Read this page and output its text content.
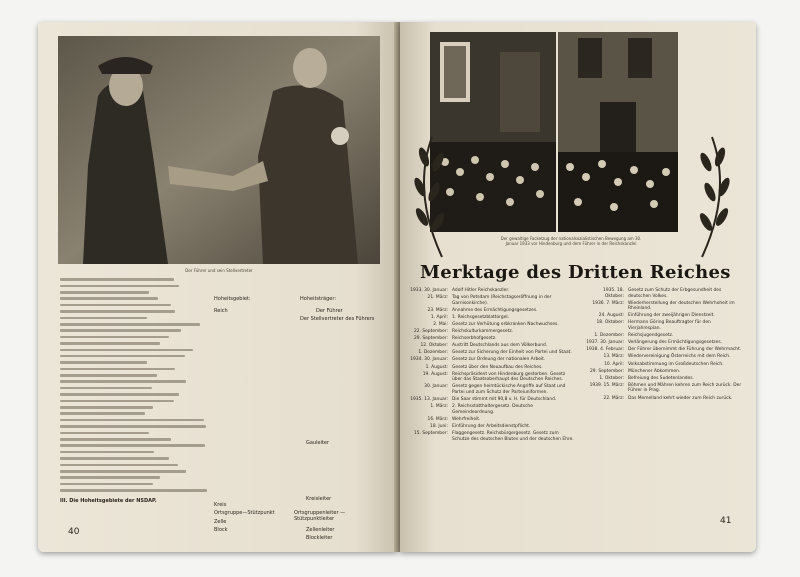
Der Führer und sein Stellvertreter
III. Die Hoheitsgebiete der NSDAP.
Hoheitsgebiet:	Hoheitsträger:
Reich
Gauleiter
Kreisleiter
Kreis
Ortsgruppe—Stützpunkt
Zelle
Block
Der Führer
Der Stellvertreter des Führers
Ortsgruppenleiter — Stützpunktleiter
Zellenleiter
Blockleiter
40
Der gewaltige Fackelzug der nationalsozialistischen Bewegung am 30. Januar 1933 vor Hindenburg und dem Führer in der Reichskanzlei
Merktage des Dritten Reiches
1933. 30. Januar: Adolf Hitler Reichskanzler.
21. März: Tag von Potsdam (Reichstagseröffnung in der Garnisonkirche).
23. März: Annahme des Ermächtigungsgesetzes.
1. April: 1. Reichsgesetzblattorgel.
2. Mai: Gesetz zur Verhütung erbkranken Nachwuchses.
22. September: Reichskulturkammergesetz.
29. September: Reichserbhofgesetz.
12. Oktober: Austritt Deutschlands aus dem Völkerbund.
1. Dezember: Gesetz zur Sicherung der Einheit von Partei und Staat.
1934. 30. Januar: Gesetz zur Ordnung der nationalen Arbeit.
1. August: Gesetz über den Neuaufbau des Reiches.
19. August: Reichspräsident von Hindenburg gestorben. Gesetz über das Staatsoberhaupt des Deutschen Reiches.
30. Januar: Gesetz gegen heimtückische Angriffe auf Staat und Partei und zum Schutz der Parteiuniformen.
1935. 13. Januar: Die Saar stimmt mit 90,8 v. H. für Deutschland.
1. März: 2. Reichsstatthaltergesetz. Deutsche Gemeindeordnung.
16. März: Wehrfreiheit.
18. Juni: Einführung der Arbeitsdienstpflicht.
15. September: Flaggengesetz. Reichsbürgergesetz. Gesetz zum Schutze des deutschen Blutes und der deutschen Ehre.
1935. 18. Oktober:
Gesetz zum Schutz der Erbgesundheit des deutschen Volkes.
1936. 7. März: Wiederherstellung der deutschen Wehrhoheit im Rheinland.
24. August: Einführung der zweijährigen Dienstzeit.
18. Oktober: Hermann Göring Beauftragter für den Vierjahresplan.
1. Dezember: Reichsjugendgesetz.
1937. 30. Januar: Verlängerung des Ermächtigungsgesetzes.
1938. 4. Februar: Der Führer übernimmt die Führung der Wehrmacht.
13. März: Wiedervereinigung Österreichs mit dem Reich.
10. April: Volksabstimmung im Großdeutschen Reich.
29. September: Münchener Abkommen.
1. Oktober: Befreiung des Sudetenlandes.
1939. 15. März: Böhmen und Mähren kehren zum Reich zurück. Der Führer in Prag.
22. März: Das Memelland kehrt wieder zum Reich zurück.
41
